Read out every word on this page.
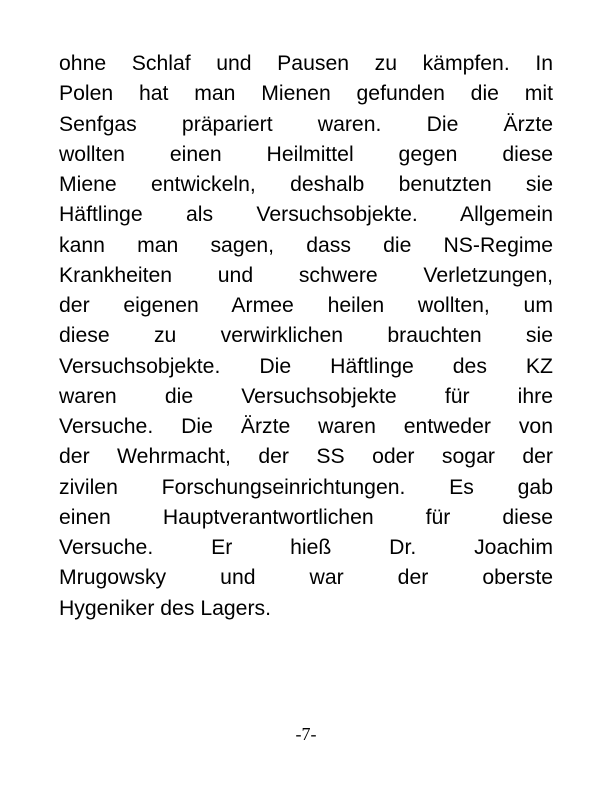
ohne Schlaf und Pausen zu kämpfen. In
Polen hat man Mienen gefunden die mit
Senfgas präpariert waren. Die Ärzte
wollten einen Heilmittel gegen diese
Miene entwickeln, deshalb benutzten sie
Häftlinge als Versuchsobjekte. Allgemein
kann man sagen, dass die NS-Regime
Krankheiten und schwere Verletzungen,
der eigenen Armee heilen wollten, um
diese zu verwirklichen brauchten sie
Versuchsobjekte. Die Häftlinge des KZ
waren die Versuchsobjekte für ihre
Versuche. Die Ärzte waren entweder von
der Wehrmacht, der SS oder sogar der
zivilen Forschungseinrichtungen. Es gab
einen Hauptverantwortlichen für diese
Versuche. Er hieß Dr. Joachim
Mrugowsky und war der oberste
Hygeniker des Lagers.
-7-
